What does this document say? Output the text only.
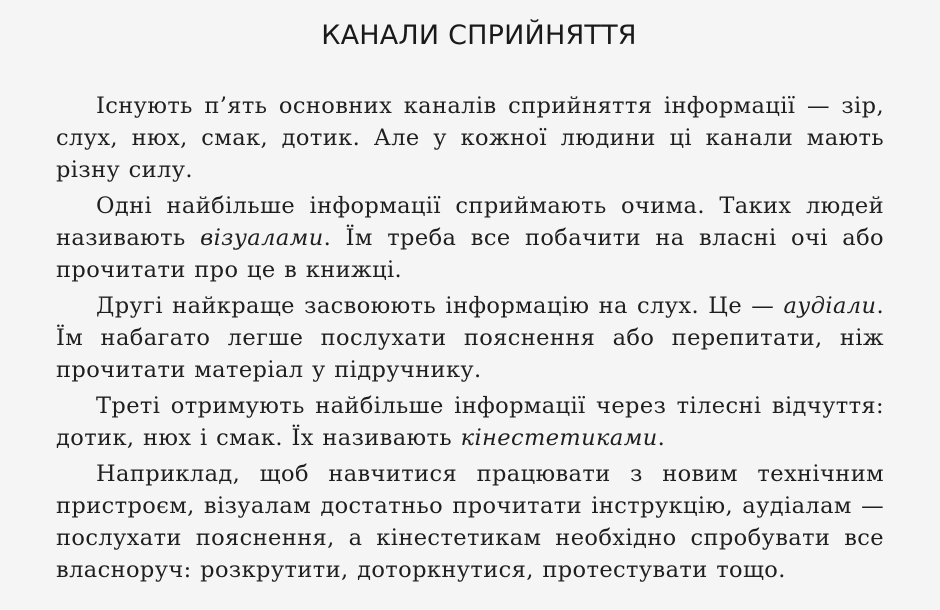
КАНАЛИ СПРИЙНЯТТЯ

Існують п’ять основних каналів сприйняття інформації — зір, слух, нюх, смак, дотик. Але у кожної людини ці канали мають різну силу.

Одні найбільше інформації сприймають очима. Таких людей називають візуалами. Їм треба все побачити на власні очі або прочитати про це в книжці.

Другі найкраще засвоюють інформацію на слух. Це — аудіали. Їм набагато легше послухати пояснення або перепитати, ніж прочитати матеріал у підручнику.

Треті отримують найбільше інформації через тілесні відчуття: дотик, нюх і смак. Їх називають кінестетиками.

Наприклад, щоб навчитися працювати з новим технічним пристроєм, візуалам достатньо прочитати інструкцію, аудіалам — послухати пояснення, а кінестетикам необхідно спробувати все власноруч: розкрутити, доторкнутися, протестувати тощо.
